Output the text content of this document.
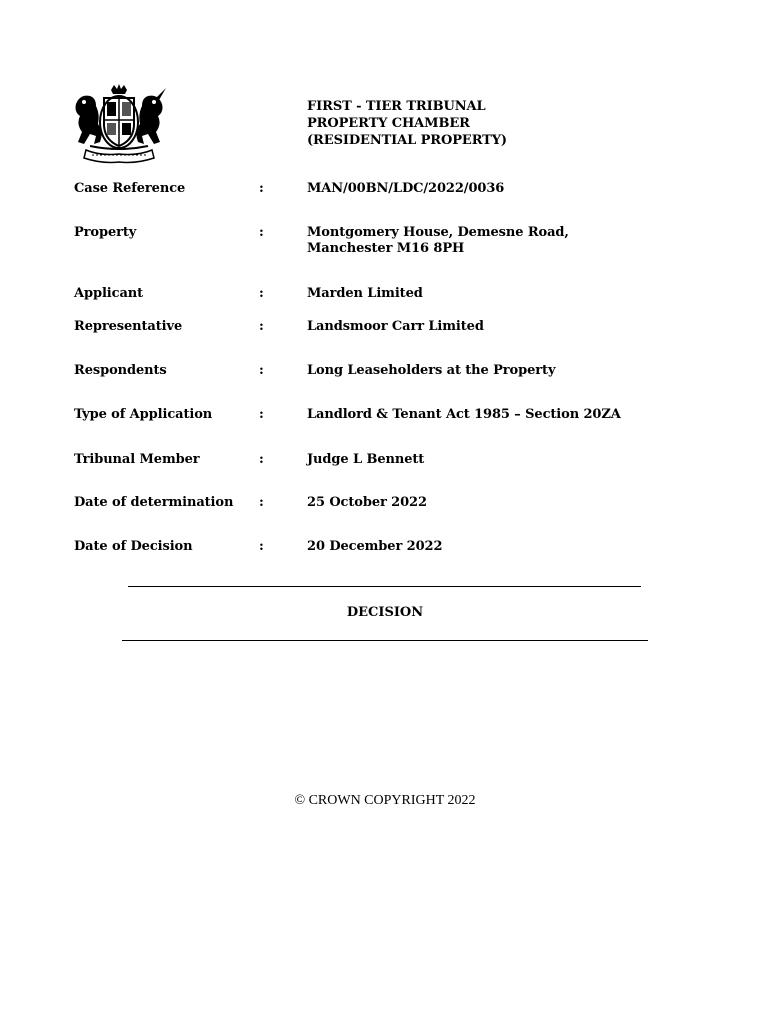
FIRST - TIER TRIBUNAL
PROPERTY CHAMBER
(RESIDENTIAL PROPERTY)
Case Reference	:	MAN/00BN/LDC/2022/0036
Property	:	Montgomery House, Demesne Road,
Manchester M16 8PH
Applicant	:	Marden Limited
Representative	:	Landsmoor Carr Limited
Respondents	:	Long Leaseholders at the Property
Type of Application	:	Landlord & Tenant Act 1985 – Section 20ZA
Tribunal Member	:	Judge L Bennett
Date of determination :	25 October 2022
Date of Decision	:	20 December 2022
DECISION
© CROWN COPYRIGHT 2022
